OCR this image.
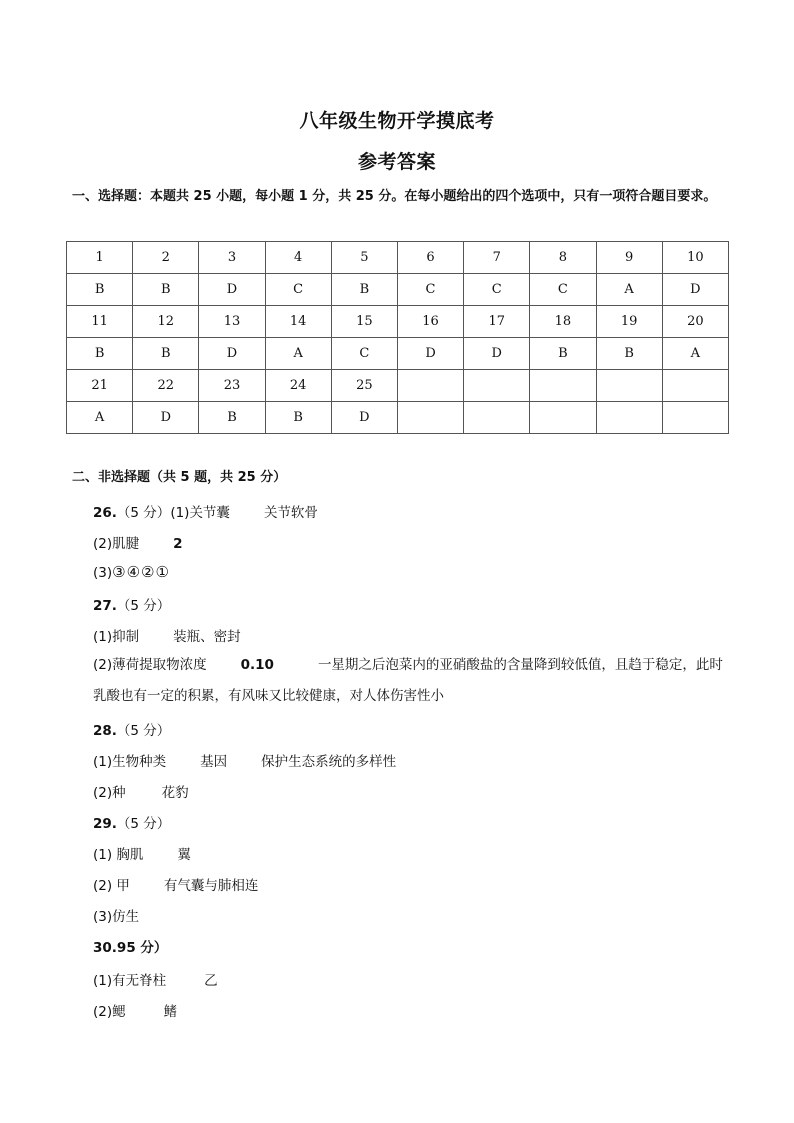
八年级生物开学摸底考
参考答案
一、选择题：本题共 25 小题，每小题 1 分，共 25 分。在每小题给出的四个选项中，只有一项符合题目要求。
1	2	3	4	5	6	7	8	9	10
B	B	D	C	B	C	C	C	A	D
11	12	13	14	15	16	17	18	19	20
B	B	D	A	C	D	D	B	B	A
21	22	23	24	25					
A	D	B	B	D					
二、非选择题（共 5 题，共 25 分）
26.（5 分）(1)关节囊	关节软骨
(2)肌腱	2
(3)③④②①
27.（5 分）
(1)抑制	装瓶、密封
(2)薄荷提取物浓度	0.10	一星期之后泡菜内的亚硝酸盐的含量降到较低值，且趋于稳定，此时乳酸也有一定的积累，有风味又比较健康，对人体伤害性小
28.（5 分）
(1)生物种类	基因	保护生态系统的多样性
(2)种	花豹
29.（5 分）
(1) 胸肌	翼
(2) 甲	有气囊与肺相连
(3)仿生
30.95 分）
(1)有无脊柱	乙
(2)鳃	鳍
